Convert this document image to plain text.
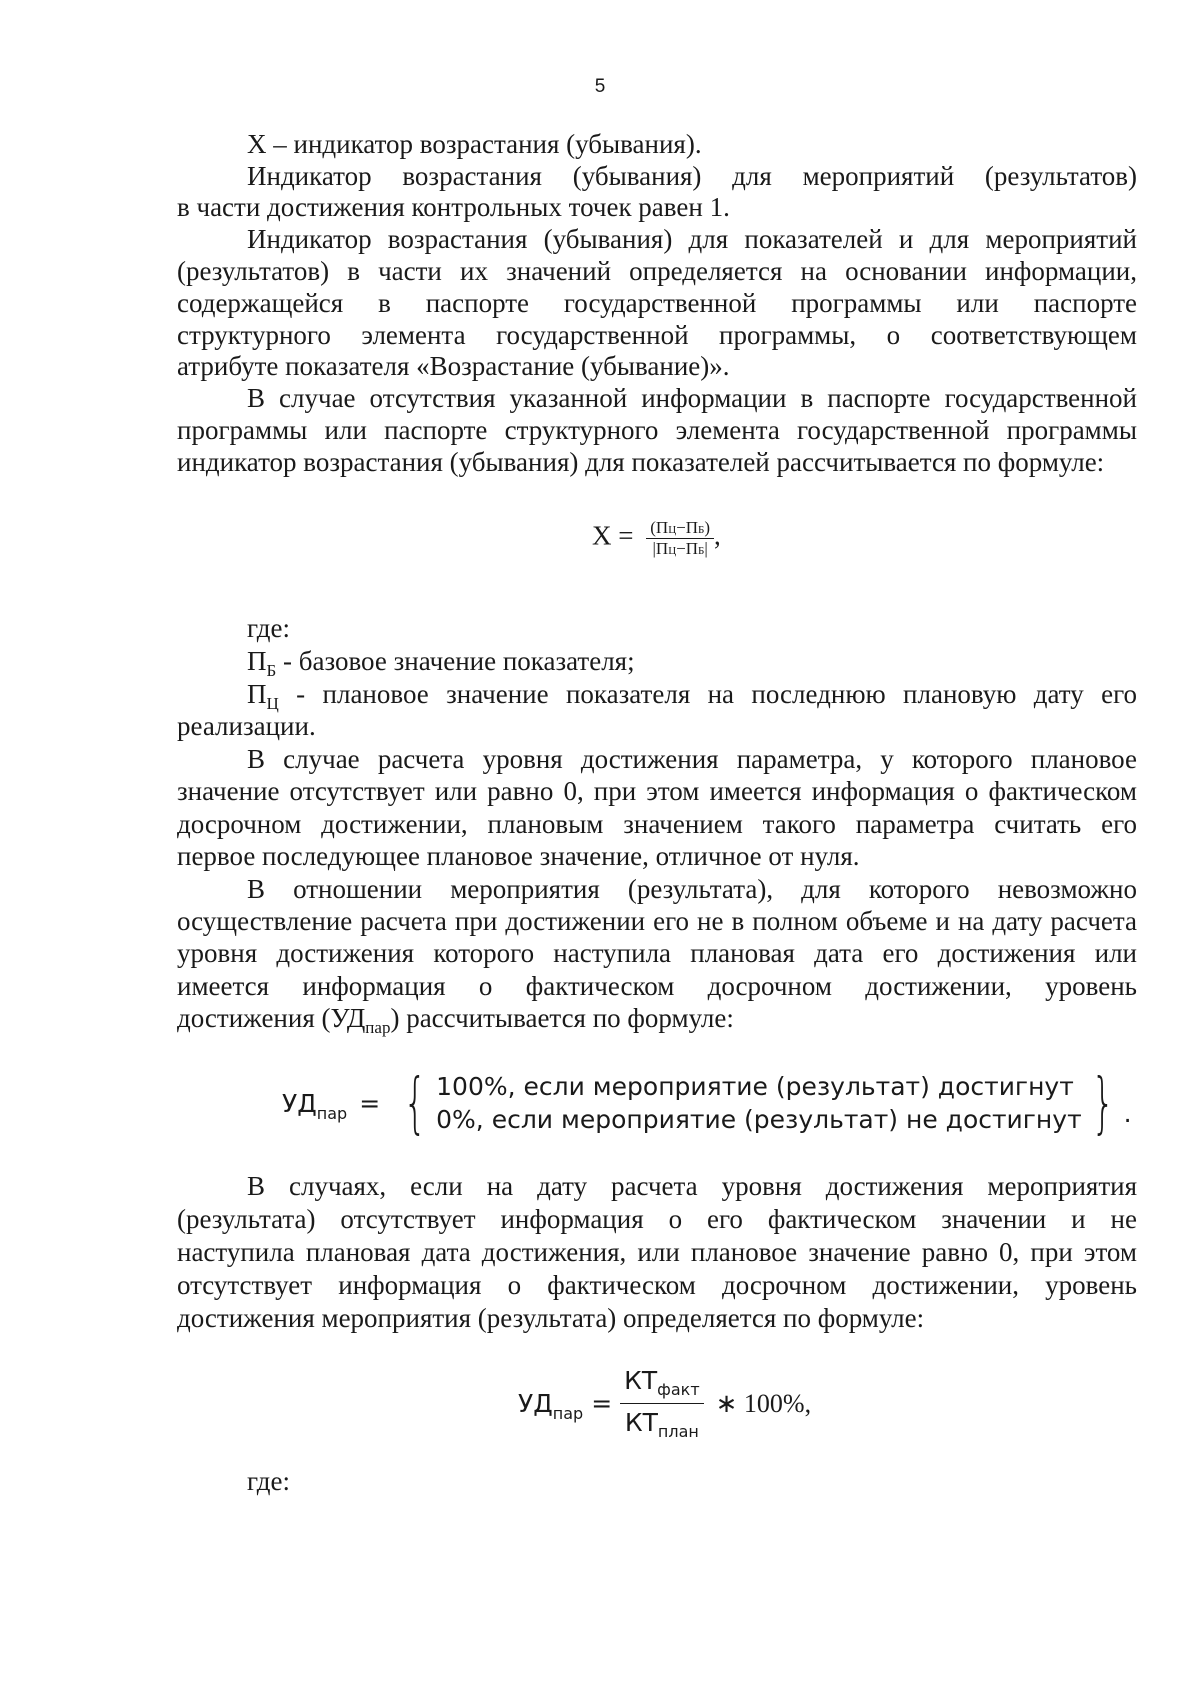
5
X – индикатор возрастания (убывания).
Индикатор возрастания (убывания) для мероприятий (результатов)
в части достижения контрольных точек равен 1.
Индикатор возрастания (убывания) для показателей и для мероприятий
(результатов) в части их значений определяется на основании информации,
содержащейся в паспорте государственной программы или паспорте
структурного элемента государственной программы, о соответствующем
атрибуте показателя «Возрастание (убывание)».
В случае отсутствия указанной информации в паспорте государственной
программы или паспорте структурного элемента государственной программы
индикатор возрастания (убывания) для показателей рассчитывается по формуле:
$X = \frac{(ПЦ-ПБ)}{|ПЦ-ПБ|}$ ,
где:
$П_Б$ - базовое значение показателя;
$П_Ц$ - плановое значение показателя на последнюю плановую дату его
реализации.
В случае расчета уровня достижения параметра, у которого плановое
значение отсутствует или равно 0, при этом имеется информация о фактическом
досрочном достижении, плановым значением такого параметра считать его
первое последующее плановое значение, отличное от нуля.
В отношении мероприятия (результата), для которого невозможно
осуществление расчета при достижении его не в полном объеме и на дату расчета
уровня достижения которого наступила плановая дата его достижения или
имеется информация о фактическом досрочном достижении, уровень
достижения $(УД_{пар})$ рассчитывается по формуле:
$УД_{пар}$ = { 100%, если мероприятие (результат) достигнут
0%, если мероприятие (результат) не достигнут } .
В случаях, если на дату расчета уровня достижения мероприятия
(результата) отсутствует информация о его фактическом значении и не
наступила плановая дата достижения, или плановое значение равно 0, при этом
отсутствует информация о фактическом досрочном достижении, уровень
достижения мероприятия (результата) определяется по формуле:
$УД_{пар} = \frac{КТ_{факт}}{КТ_{план}}$ ∗ 100%,
где:
